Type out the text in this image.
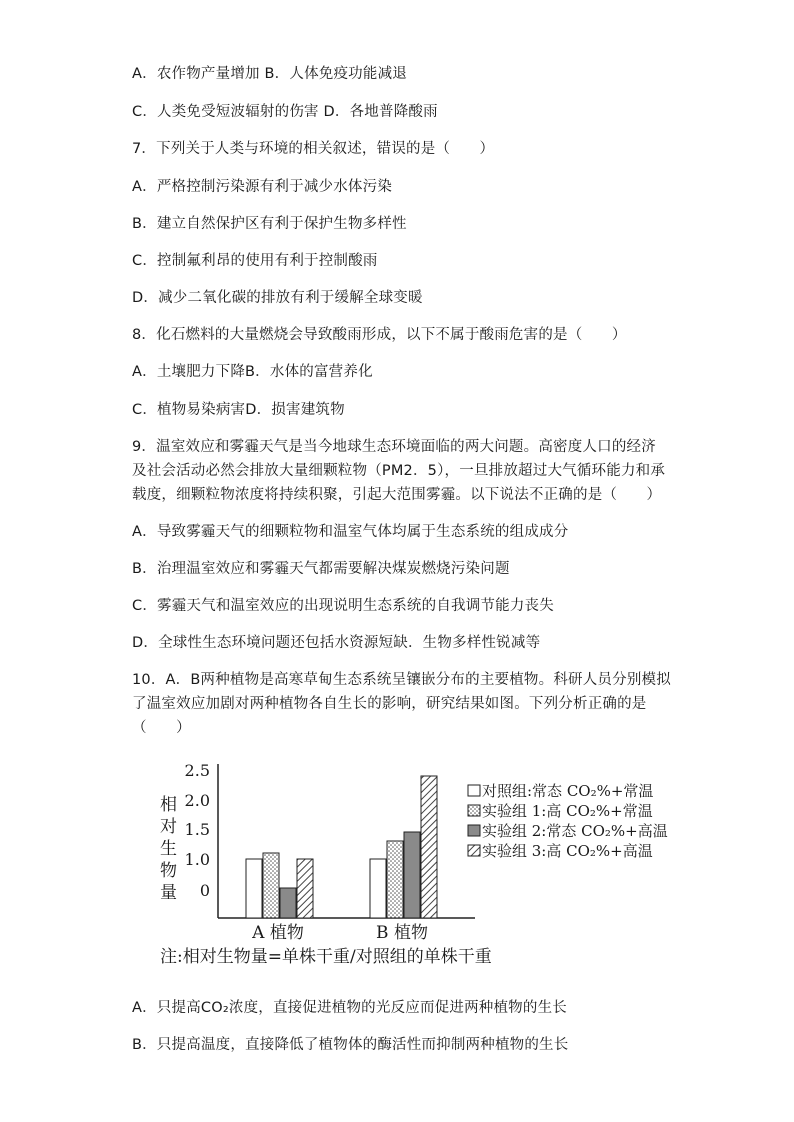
A．农作物产量增加 B．人体免疫功能减退
C．人类免受短波辐射的伤害 D．各地普降酸雨
7．下列关于人类与环境的相关叙述，错误的是（　　）
A．严格控制污染源有利于减少水体污染
B．建立自然保护区有利于保护生物多样性
C．控制氟利昂的使用有利于控制酸雨
D．减少二氧化碳的排放有利于缓解全球变暖
8．化石燃料的大量燃烧会导致酸雨形成，以下不属于酸雨危害的是（　　）
A．土壤肥力下降B．水体的富营养化
C．植物易染病害D．损害建筑物
9．温室效应和雾霾天气是当今地球生态环境面临的两大问题。高密度人口的经济
及社会活动必然会排放大量细颗粒物（PM2．5），一旦排放超过大气循环能力和承
载度，细颗粒物浓度将持续积聚，引起大范围雾霾。以下说法不正确的是（　　）
A．导致雾霾天气的细颗粒物和温室气体均属于生态系统的组成成分
B．治理温室效应和雾霾天气都需要解决煤炭燃烧污染问题
C．雾霾天气和温室效应的出现说明生态系统的自我调节能力丧失
D．全球性生态环境问题还包括水资源短缺．生物多样性锐减等
10．A．B两种植物是高寒草甸生态系统呈镶嵌分布的主要植物。科研人员分别模拟
了温室效应加剧对两种植物各自生长的影响，研究结果如图。下列分析正确的是
（　　）
相
对
生
物
量
2.5
2.0
1.5
1.0
0
A 植物	B 植物
对照组:常态 CO₂%+常温
实验组 1:高 CO₂%+常温
实验组 2:常态 CO₂%+高温
实验组 3:高 CO₂%+高温
注:相对生物量=单株干重/对照组的单株干重
A．只提高CO₂浓度，直接促进植物的光反应而促进两种植物的生长
B．只提高温度，直接降低了植物体的酶活性而抑制两种植物的生长
